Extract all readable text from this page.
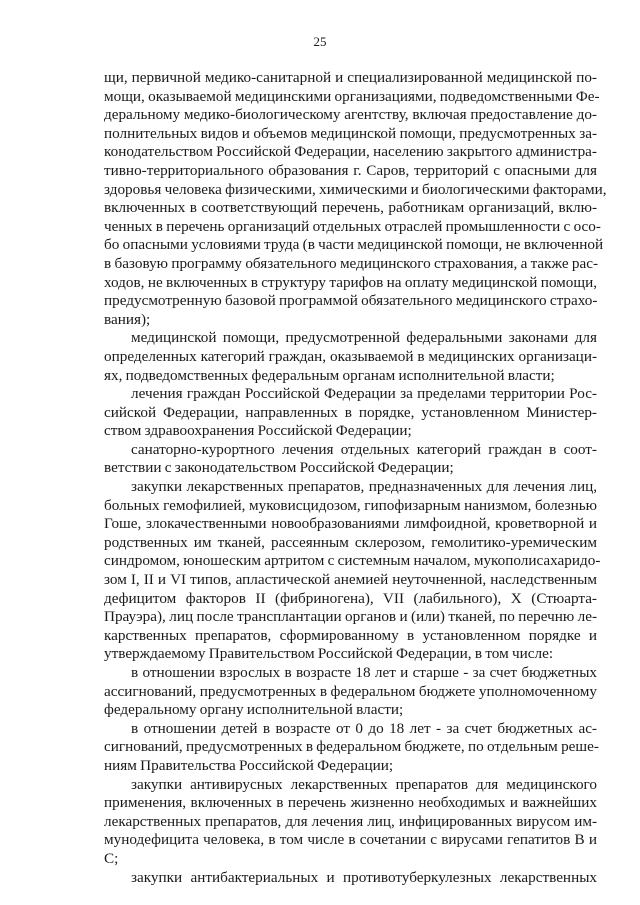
25
щи, первичной медико-санитарной и специализированной медицинской по-
мощи, оказываемой медицинскими организациями, подведомственными Фе-
деральному медико-биологическому агентству, включая предоставление до-
полнительных видов и объемов медицинской помощи, предусмотренных за-
конодательством Российской Федерации, населению закрытого администра-
тивно-территориального образования г. Саров, территорий с опасными для
здоровья человека физическими, химическими и биологическими факторами,
включенных в соответствующий перечень, работникам организаций, вклю-
ченных в перечень организаций отдельных отраслей промышленности с осо-
бо опасными условиями труда (в части медицинской помощи, не включенной
в базовую программу обязательного медицинского страхования, а также рас-
ходов, не включенных в структуру тарифов на оплату медицинской помощи,
предусмотренную базовой программой обязательного медицинского страхо-
вания);
медицинской помощи, предусмотренной федеральными законами для
определенных категорий граждан, оказываемой в медицинских организаци-
ях, подведомственных федеральным органам исполнительной власти;
лечения граждан Российской Федерации за пределами территории Рос-
сийской Федерации, направленных в порядке, установленном Министер-
ством здравоохранения Российской Федерации;
санаторно-курортного лечения отдельных категорий граждан в соот-
ветствии с законодательством Российской Федерации;
закупки лекарственных препаратов, предназначенных для лечения лиц,
больных гемофилией, муковисцидозом, гипофизарным нанизмом, болезнью
Гоше, злокачественными новообразованиями лимфоидной, кроветворной и
родственных им тканей, рассеянным склерозом, гемолитико-уремическим
синдромом, юношеским артритом с системным началом, мукополисахаридо-
зом I, II и VI типов, апластической анемией неуточненной, наследственным
дефицитом факторов II (фибриногена), VII (лабильного), X (Стюарта-
Прауэра), лиц после трансплантации органов и (или) тканей, по перечню ле-
карственных препаратов, сформированному в установленном порядке и
утверждаемому Правительством Российской Федерации, в том числе:
в отношении взрослых в возрасте 18 лет и старше - за счет бюджетных
ассигнований, предусмотренных в федеральном бюджете уполномоченному
федеральному органу исполнительной власти;
в отношении детей в возрасте от 0 до 18 лет - за счет бюджетных ас-
сигнований, предусмотренных в федеральном бюджете, по отдельным реше-
ниям Правительства Российской Федерации;
закупки антивирусных лекарственных препаратов для медицинского
применения, включенных в перечень жизненно необходимых и важнейших
лекарственных препаратов, для лечения лиц, инфицированных вирусом им-
мунодефицита человека, в том числе в сочетании с вирусами гепатитов B и
C;
закупки антибактериальных и противотуберкулезных лекарственных
